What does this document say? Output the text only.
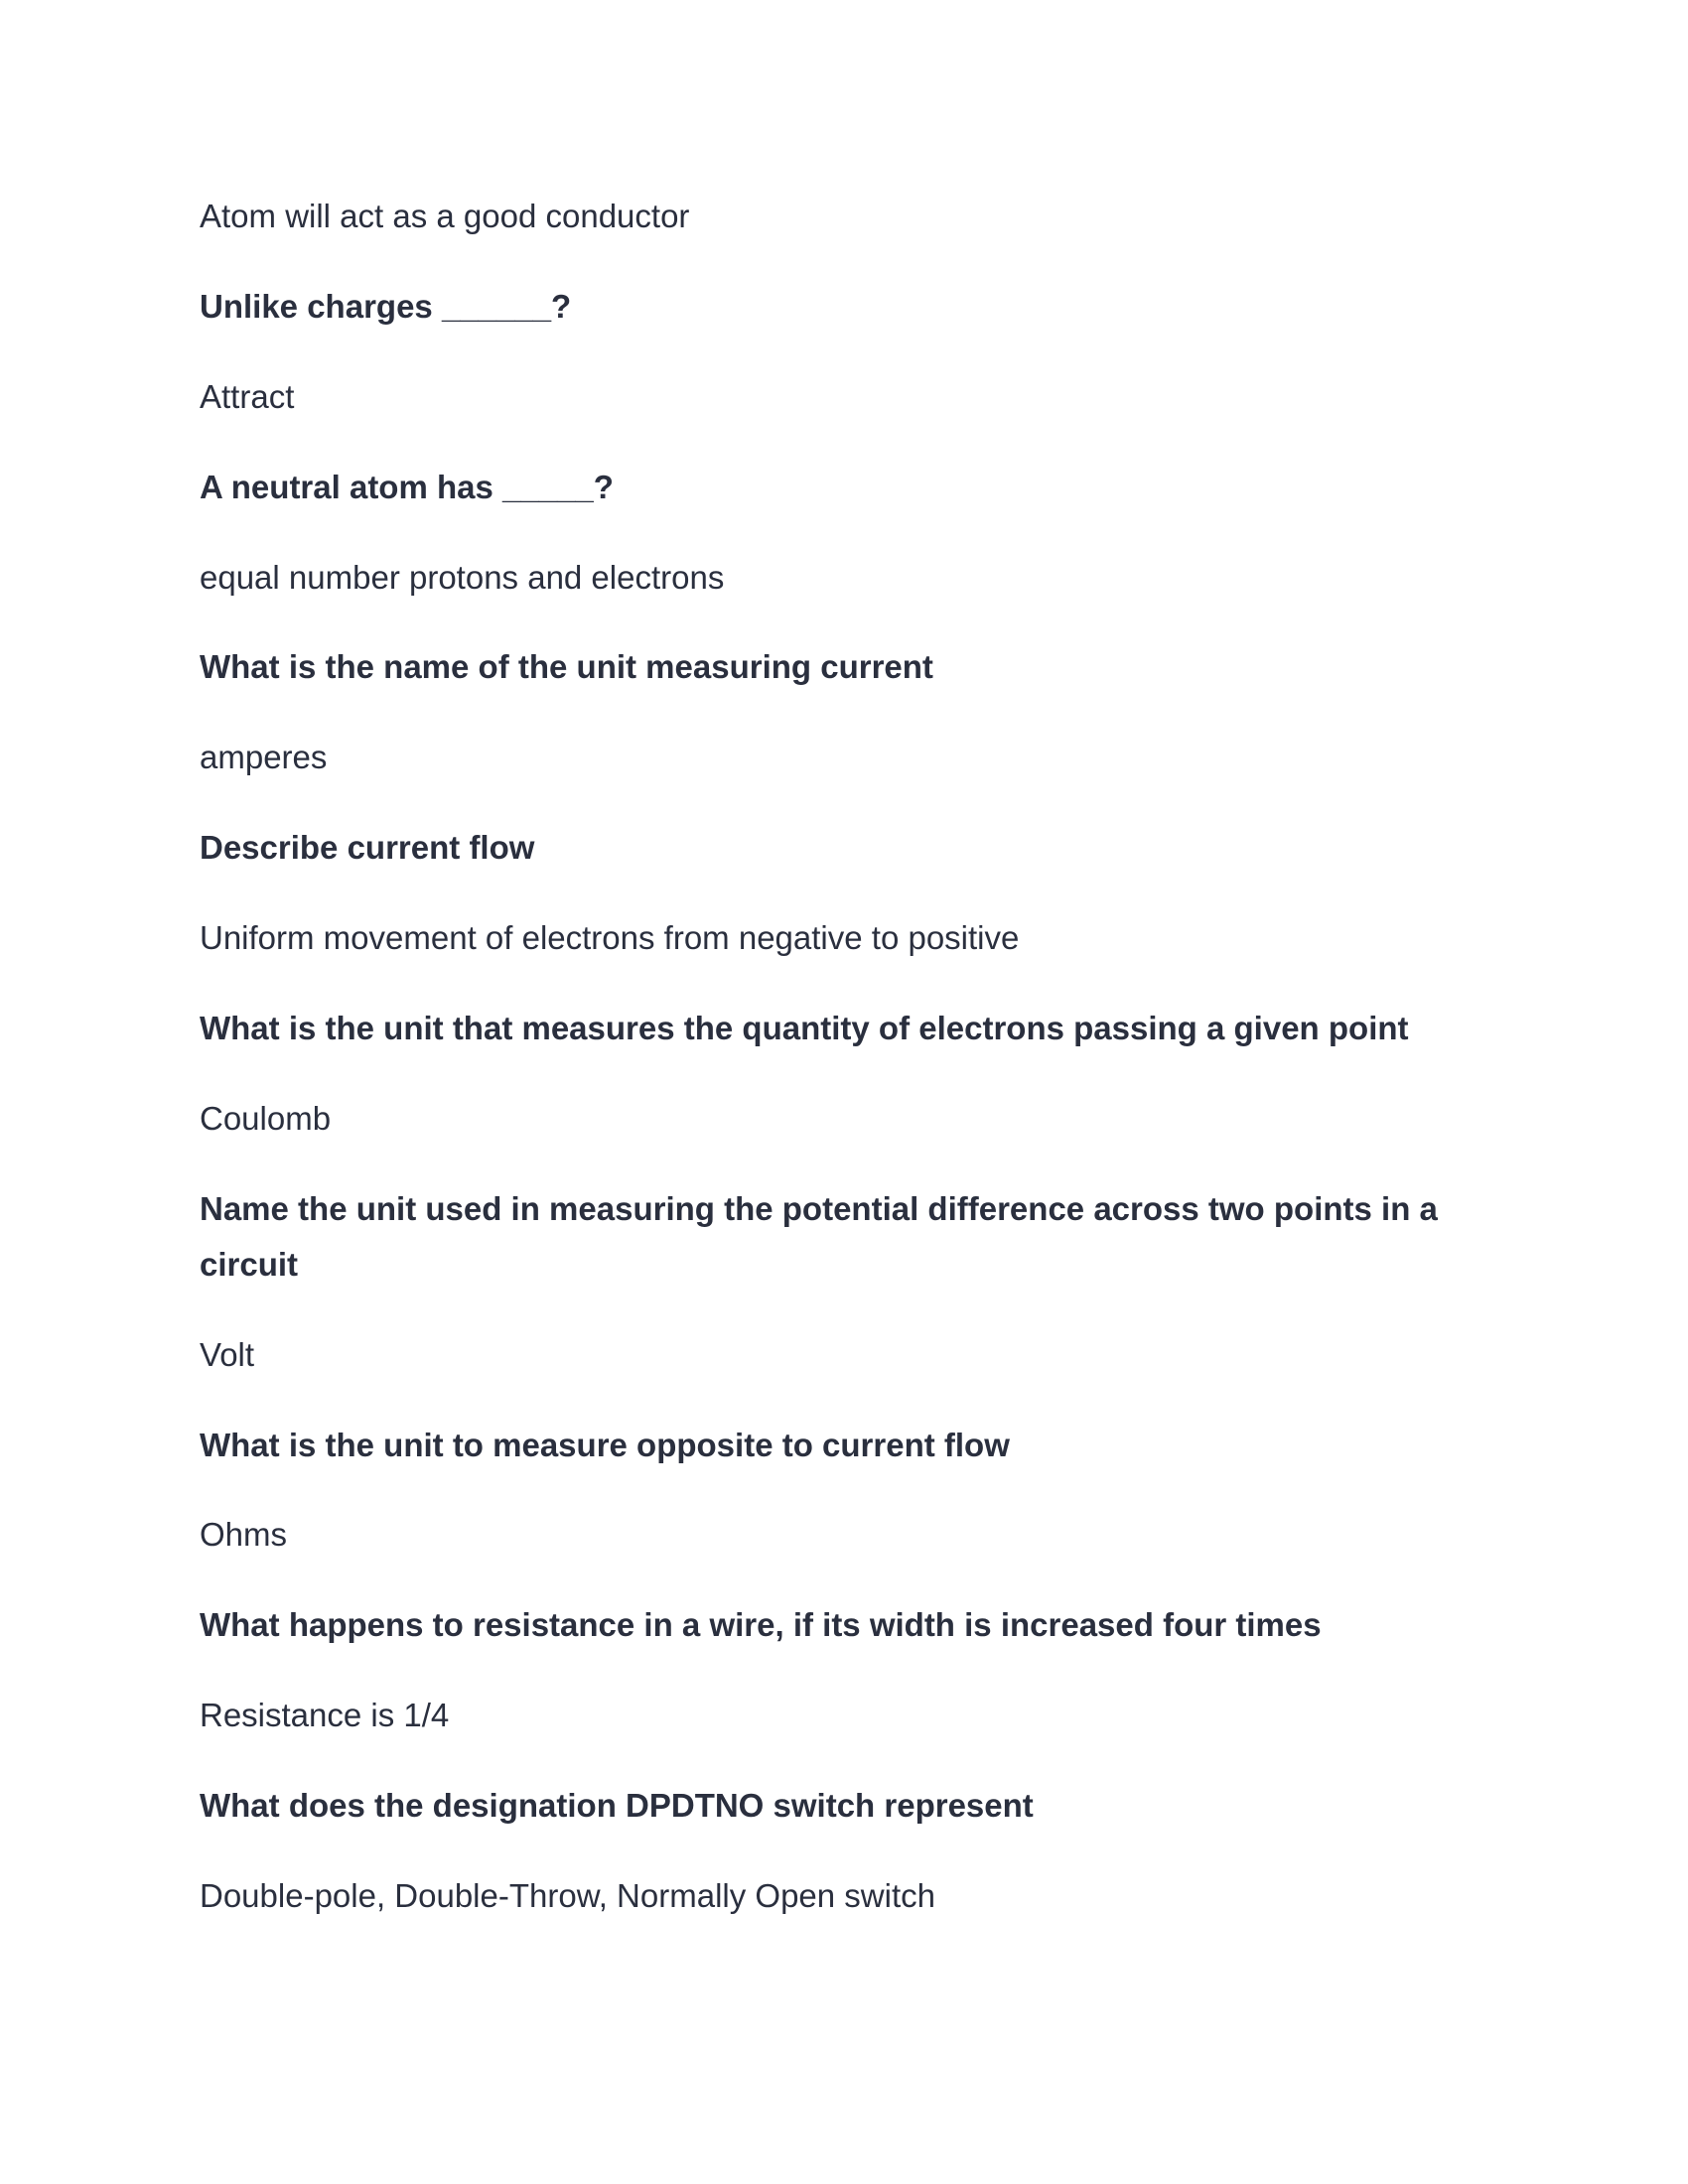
Atom will act as a good conductor

Unlike charges ______?

Attract

A neutral atom has _____?

equal number protons and electrons

What is the name of the unit measuring current

amperes

Describe current flow

Uniform movement of electrons from negative to positive

What is the unit that measures the quantity of electrons passing a given point

Coulomb

Name the unit used in measuring the potential difference across two points in a circuit

Volt

What is the unit to measure opposite to current flow

Ohms

What happens to resistance in a wire, if its width is increased four times

Resistance is 1/4

What does the designation DPDTNO switch represent

Double-pole, Double-Throw, Normally Open switch
